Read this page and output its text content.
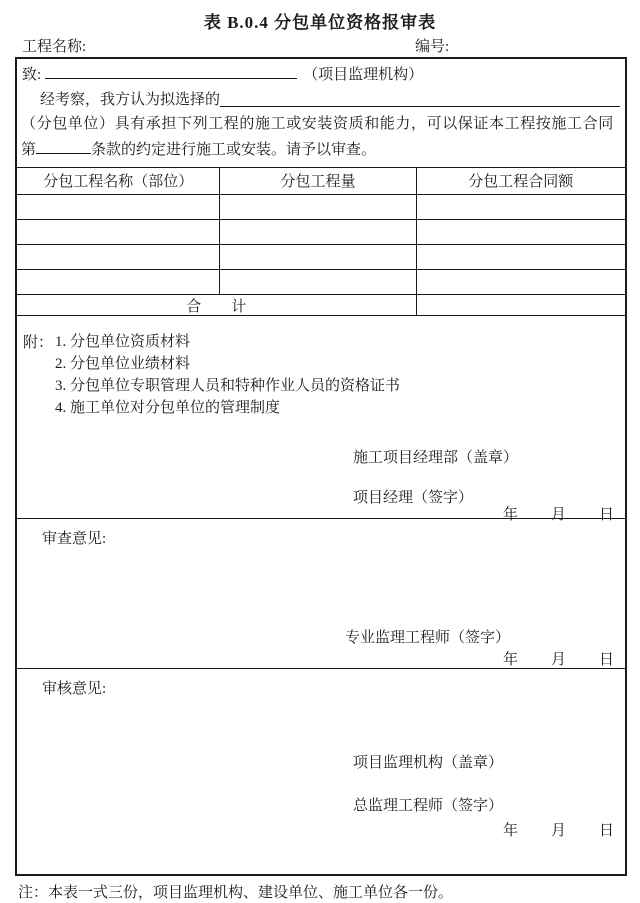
表 B.0.4 分包单位资格报审表
工程名称:	编号:
致:	（项目监理机构）
经考察，我方认为拟选择的
（分包单位）具有承担下列工程的施工或安装资质和能力，可以保证本工程按施工合同
第	条款的约定进行施工或安装。请予以审查。
分包工程名称（部位）	分包工程量	分包工程合同额

合　　计		
附： 1. 分包单位资质材料
2. 分包单位业绩材料
3. 分包单位专职管理人员和特种作业人员的资格证书
4. 施工单位对分包单位的管理制度
施工项目经理部（盖章）
项目经理（签字）
年　　月　　日
审查意见:
专业监理工程师（签字）
年　　月　　日
审核意见:
项目监理机构（盖章）
总监理工程师（签字）
年　　月　　日
注：本表一式三份，项目监理机构、建设单位、施工单位各一份。
